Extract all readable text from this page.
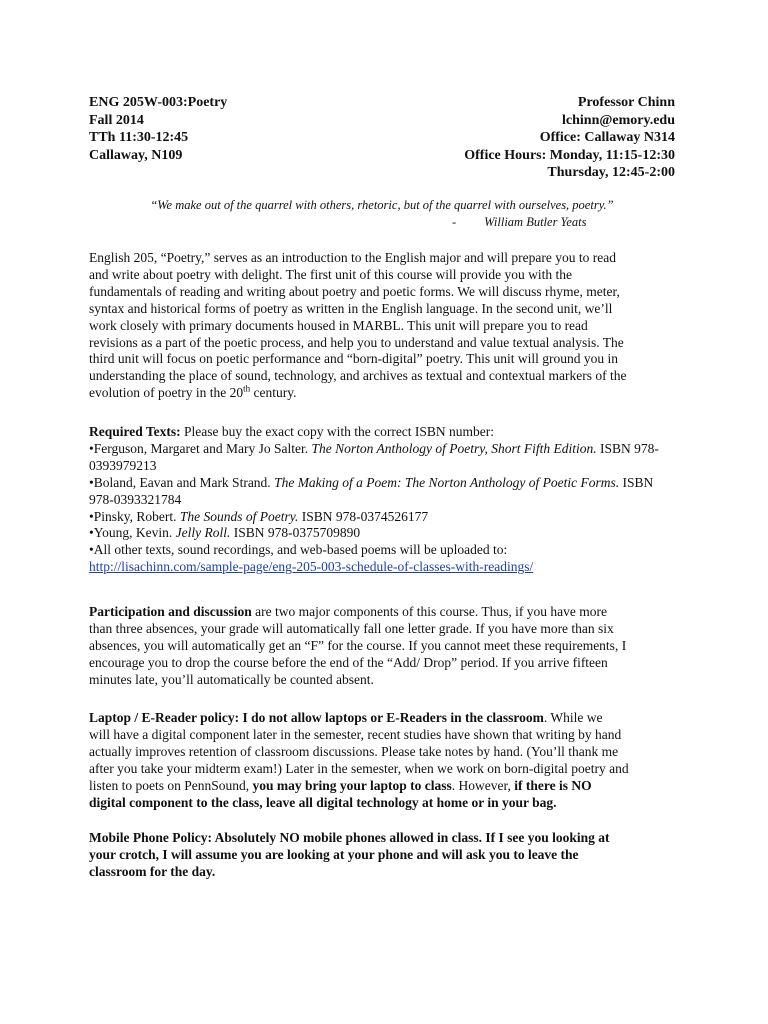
ENG 205W-003:Poetry
Fall 2014
TTh 11:30-12:45
Callaway, N109
Professor Chinn
lchinn@emory.edu
Office: Callaway N314
Office Hours: Monday, 11:15-12:30
Thursday, 12:45-2:00
“We make out of the quarrel with others, rhetoric, but of the quarrel with ourselves, poetry.”
- William Butler Yeats
English 205, “Poetry,” serves as an introduction to the English major and will prepare you to read
and write about poetry with delight. The first unit of this course will provide you with the
fundamentals of reading and writing about poetry and poetic forms. We will discuss rhyme, meter,
syntax and historical forms of poetry as written in the English language. In the second unit, we’ll
work closely with primary documents housed in MARBL. This unit will prepare you to read
revisions as a part of the poetic process, and help you to understand and value textual analysis. The
third unit will focus on poetic performance and “born-digital” poetry. This unit will ground you in
understanding the place of sound, technology, and archives as textual and contextual markers of the
evolution of poetry in the 20th century.
Required Texts: Please buy the exact copy with the correct ISBN number:
•Ferguson, Margaret and Mary Jo Salter. The Norton Anthology of Poetry, Short Fifth Edition. ISBN 978-
0393979213
•Boland, Eavan and Mark Strand. The Making of a Poem: The Norton Anthology of Poetic Forms. ISBN
978-0393321784
•Pinsky, Robert. The Sounds of Poetry. ISBN 978-0374526177
•Young, Kevin. Jelly Roll. ISBN 978-0375709890
•All other texts, sound recordings, and web-based poems will be uploaded to:
http://lisachinn.com/sample-page/eng-205-003-schedule-of-classes-with-readings/
Participation and discussion are two major components of this course. Thus, if you have more
than three absences, your grade will automatically fall one letter grade. If you have more than six
absences, you will automatically get an “F” for the course. If you cannot meet these requirements, I
encourage you to drop the course before the end of the “Add/ Drop” period. If you arrive fifteen
minutes late, you’ll automatically be counted absent.
Laptop / E-Reader policy: I do not allow laptops or E-Readers in the classroom. While we
will have a digital component later in the semester, recent studies have shown that writing by hand
actually improves retention of classroom discussions. Please take notes by hand. (You’ll thank me
after you take your midterm exam!) Later in the semester, when we work on born-digital poetry and
listen to poets on PennSound, you may bring your laptop to class. However, if there is NO
digital component to the class, leave all digital technology at home or in your bag.
Mobile Phone Policy: Absolutely NO mobile phones allowed in class. If I see you looking at
your crotch, I will assume you are looking at your phone and will ask you to leave the
classroom for the day.
